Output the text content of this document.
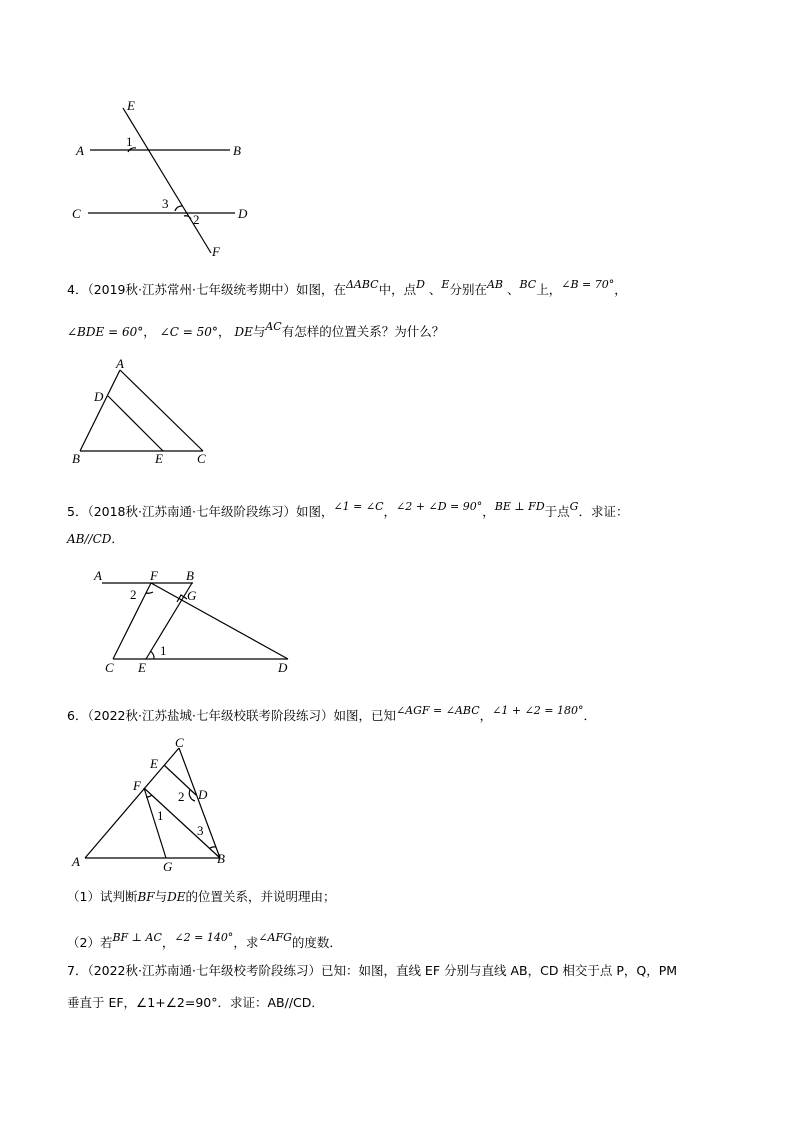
E
A	B
1
C
3
2	D
F
4．（2019秋·江苏常州·七年级统考期中）如图，在ΔABC中，点D 、E分别在AB 、BC上，∠B = 70°，
∠BDE = 60°， ∠C = 50°， DE与AC有怎样的位置关系？为什么？
A
D
B	E	C
5．（2018秋·江苏南通·七年级阶段练习）如图，∠1 = ∠C，∠2 + ∠D = 90°，BE ⊥ FD于点G．求证：
AB//CD．
A	F B
G
2
1
C E	D
6．（2022秋·江苏盐城·七年级校联考阶段练习）如图，已知∠AGF = ∠ABC，∠1 + ∠2 = 180°．
C
E
F
2 D
1
3
A	G
B
（1）试判断BF与DE的位置关系，并说明理由；
（2）若BF ⊥ AC，∠2 = 140°，求∠AFG的度数．
7．（2022秋·江苏南通·七年级校考阶段练习）已知：如图，直线 EF 分别与直线 AB，CD 相交于点 P，Q，PM
垂直于 EF，∠1+∠2=90°．求证：AB//CD．
